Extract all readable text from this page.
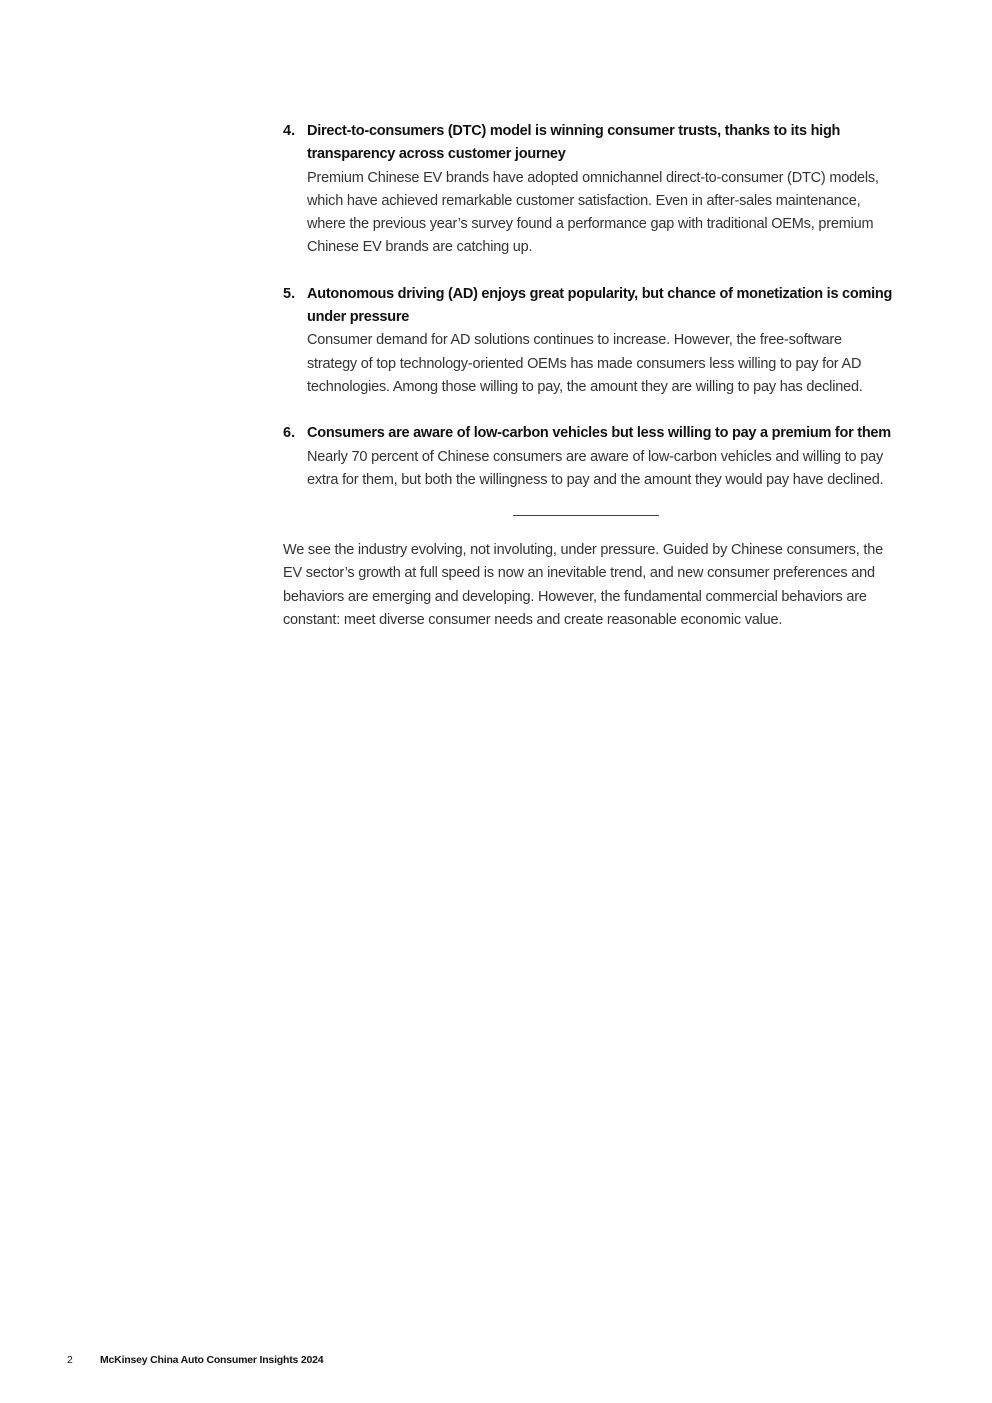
4. Direct-to-consumers (DTC) model is winning consumer trusts, thanks to its high transparency across customer journey
Premium Chinese EV brands have adopted omnichannel direct-to-consumer (DTC) models, which have achieved remarkable customer satisfaction. Even in after-sales maintenance, where the previous year’s survey found a performance gap with traditional OEMs, premium Chinese EV brands are catching up.
5. Autonomous driving (AD) enjoys great popularity, but chance of monetization is coming under pressure
Consumer demand for AD solutions continues to increase. However, the free-software strategy of top technology-oriented OEMs has made consumers less willing to pay for AD technologies. Among those willing to pay, the amount they are willing to pay has declined.
6. Consumers are aware of low-carbon vehicles but less willing to pay a premium for them
Nearly 70 percent of Chinese consumers are aware of low-carbon vehicles and willing to pay extra for them, but both the willingness to pay and the amount they would pay have declined.

We see the industry evolving, not involuting, under pressure. Guided by Chinese consumers, the EV sector’s growth at full speed is now an inevitable trend, and new consumer preferences and behaviors are emerging and developing. However, the fundamental commercial behaviors are constant: meet diverse consumer needs and create reasonable economic value.

2	McKinsey China Auto Consumer Insights 2024
